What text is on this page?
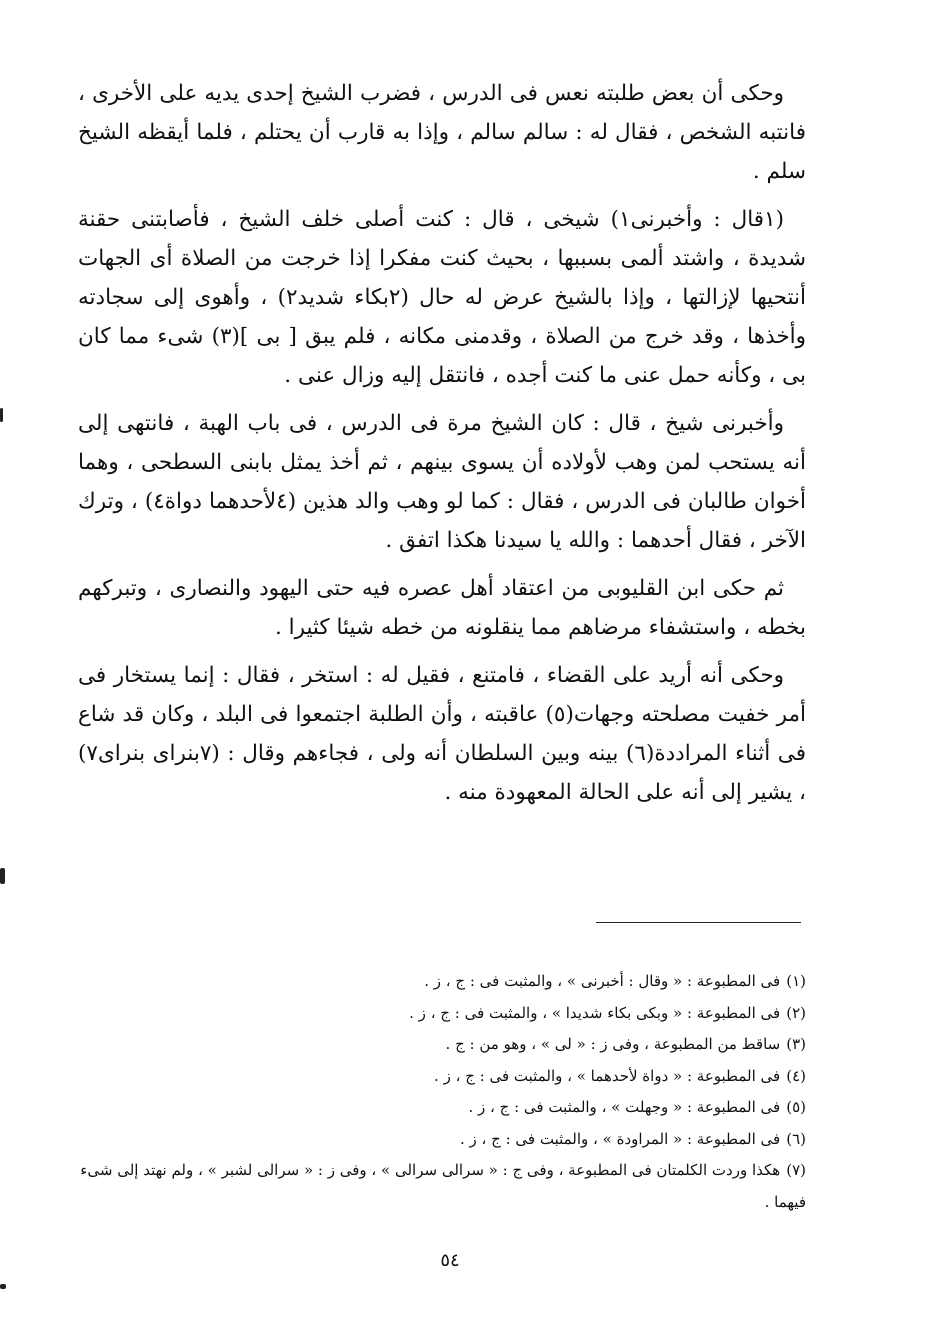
وحكى أن بعض طلبته نعس فى الدرس ، فضرب الشيخ إحدى يديه على الأخرى ، فانتبه الشخص ، فقال له : سالم سالم ، وإذا به قارب أن يحتلم ، فلما أيقظه الشيخ سلم .

(١قال : وأخبرنى١) شيخى ، قال : كنت أصلى خلف الشيخ ، فأصابتنى حقنة شديدة ، واشتد ألمى بسببها ، بحيث كنت مفكرا إذا خرجت من الصلاة أى الجهات أنتحيها لإزالتها ، وإذا بالشيخ عرض له حال (٢بكاء شديد٢) ، وأهوى إلى سجادته وأخذها ، وقد خرج من الصلاة ، وقدمنى مكانه ، فلم يبق [ بى ](٣) شىء مما كان بى ، وكأنه حمل عنى ما كنت أجده ، فانتقل إليه وزال عنى .

وأخبرنى شيخ ، قال : كان الشيخ مرة فى الدرس ، فى باب الهبة ، فانتهى إلى أنه يستحب لمن وهب لأولاده أن يسوى بينهم ، ثم أخذ يمثل بابنى السطحى ، وهما أخوان طالبان فى الدرس ، فقال : كما لو وهب والد هذين (٤لأحدهما دواة٤) ، وترك الآخر ، فقال أحدهما : والله يا سيدنا هكذا اتفق .

ثم حكى ابن القليوبى من اعتقاد أهل عصره فيه حتى اليهود والنصارى ، وتبركهم بخطه ، واستشفاء مرضاهم مما ينقلونه من خطه شيئا كثيرا .

وحكى أنه أريد على القضاء ، فامتنع ، فقيل له : استخر ، فقال : إنما يستخار فى أمر خفيت مصلحته وجهات(٥) عاقبته ، وأن الطلبة اجتمعوا فى البلد ، وكان قد شاع فى أثناء المراددة(٦) بينه وبين السلطان أنه ولى ، فجاءهم وقال : (٧بنراى بنراى٧) ، يشير إلى أنه على الحالة المعهودة منه .

(١)فى المطبوعة : « وقال : أخبرنى » ، والمثبت فى : ج ، ز .

(٢)فى المطبوعة : « وبكى بكاء شديدا » ، والمثبت فى : ج ، ز .

(٣)ساقط من المطبوعة ، وفى ز : « لى » ، وهو من : ج .

(٤)فى المطبوعة : « دواة لأحدهما » ، والمثبت فى : ج ، ز .

(٥)فى المطبوعة : « وجهلت » ، والمثبت فى : ج ، ز .

(٦)فى المطبوعة : « المراودة » ، والمثبت فى : ج ، ز .

(٧)هكذا وردت الكلمتان فى المطبوعة ، وفى ج : « سرالى سرالى » ، وفى ز : « سرالى لشبر » ، ولم نهتد إلى شىء فيهما .

٥٤
